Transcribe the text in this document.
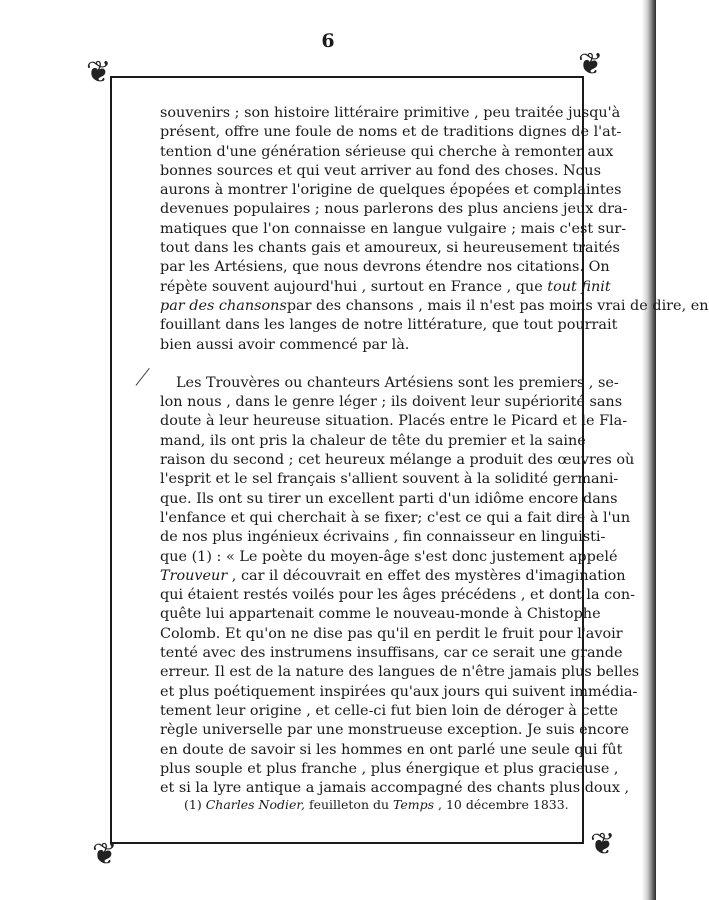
6
❦	❦
❦	❦
souvenirs ; son histoire littéraire primitive , peu traitée jusqu'à
présent, offre une foule de noms et de traditions dignes de l'at-
tention d'une génération sérieuse qui cherche à remonter aux
bonnes sources et qui veut arriver au fond des choses. Nous
aurons à montrer l'origine de quelques épopées et complaintes
devenues populaires ; nous parlerons des plus anciens jeux dra-
matiques que l'on connaisse en langue vulgaire ; mais c'est sur-
tout dans les chants gais et amoureux, si heureusement traités
par les Artésiens, que nous devrons étendre nos citations. On
répète souvent aujourd'hui , surtout en France , que tout finit
par des chansonspar des chansons , mais il n'est pas moins vrai de dire, en
fouillant dans les langes de notre littérature, que tout pourrait
bien aussi avoir commencé par là.
Les Trouvères ou chanteurs Artésiens sont les premiers , se-
lon nous , dans le genre léger ; ils doivent leur supériorité sans
doute à leur heureuse situation. Placés entre le Picard et le Fla-
mand, ils ont pris la chaleur de tête du premier et la saine
raison du second ; cet heureux mélange a produit des œuvres où
l'esprit et le sel français s'allient souvent à la solidité germani-
que. Ils ont su tirer un excellent parti d'un idiôme encore dans
l'enfance et qui cherchait à se fixer; c'est ce qui a fait dire à l'un
de nos plus ingénieux écrivains , fin connaisseur en linguisti-
que (1) : « Le poète du moyen-âge s'est donc justement appelé
Trouveur , car il découvrait en effet des mystères d'imagination
qui étaient restés voilés pour les âges précédens , et dont la con-
quête lui appartenait comme le nouveau-monde à Chistophe
Colomb. Et qu'on ne dise pas qu'il en perdit le fruit pour l'avoir
tenté avec des instrumens insuffisans, car ce serait une grande
erreur. Il est de la nature des langues de n'être jamais plus belles
et plus poétiquement inspirées qu'aux jours qui suivent immédia-
tement leur origine , et celle-ci fut bien loin de déroger à cette
règle universelle par une monstrueuse exception. Je suis encore
en doute de savoir si les hommes en ont parlé une seule qui fût
plus souple et plus franche , plus énergique et plus gracieuse ,
et si la lyre antique a jamais accompagné des chants plus doux ,
(1) Charles Nodier, feuilleton du Temps , 10 décembre 1833.
